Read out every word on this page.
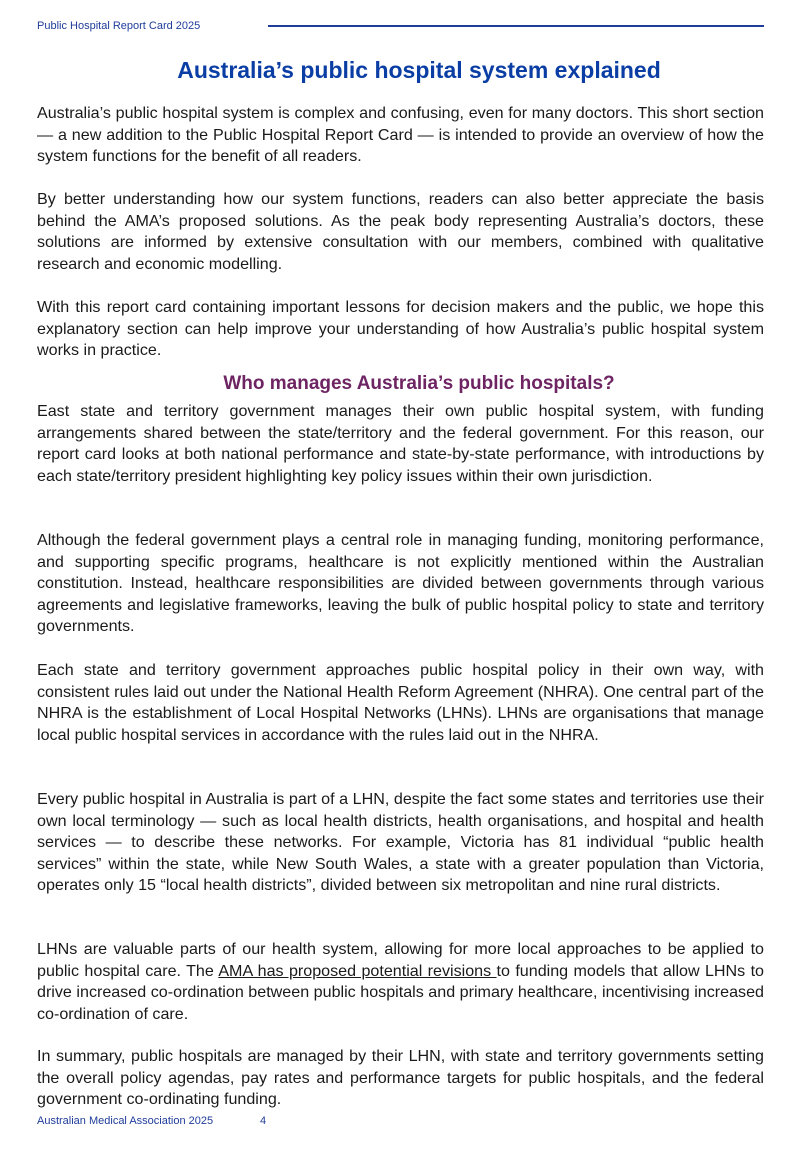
Public Hospital Report Card 2025
Australia’s public hospital system explained

Australia’s public hospital system is complex and confusing, even for many doctors. This short section — a new addition to the Public Hospital Report Card — is intended to provide an overview of how the system functions for the benefit of all readers.

By better understanding how our system functions, readers can also better appreciate the basis behind the AMA’s proposed solutions. As the peak body representing Australia’s doctors, these solutions are informed by extensive consultation with our members, combined with qualitative research and economic modelling.

With this report card containing important lessons for decision makers and the public, we hope this explanatory section can help improve your understanding of how Australia’s public hospital system works in practice.

Who manages Australia’s public hospitals?

East state and territory government manages their own public hospital system, with funding arrangements shared between the state/territory and the federal government. For this reason, our report card looks at both national performance and state-by-state performance, with introductions by each state/territory president highlighting key policy issues within their own jurisdiction.

Although the federal government plays a central role in managing funding, monitoring performance, and supporting specific programs, healthcare is not explicitly mentioned within the Australian constitution. Instead, healthcare responsibilities are divided between governments through various agreements and legislative frameworks, leaving the bulk of public hospital policy to state and territory governments.

Each state and territory government approaches public hospital policy in their own way, with consistent rules laid out under the National Health Reform Agreement (NHRA). One central part of the NHRA is the establishment of Local Hospital Networks (LHNs). LHNs are organisations that manage local public hospital services in accordance with the rules laid out in the NHRA.

Every public hospital in Australia is part of a LHN, despite the fact some states and territories use their own local terminology — such as local health districts, health organisations, and hospital and health services — to describe these networks. For example, Victoria has 81 individual “public health services” within the state, while New South Wales, a state with a greater population than Victoria, operates only 15 “local health districts”, divided between six metropolitan and nine rural districts.

LHNs are valuable parts of our health system, allowing for more local approaches to be applied to public hospital care. The AMA has proposed potential revisions to funding models that allow LHNs to drive increased co-ordination between public hospitals and primary healthcare, incentivising increased co-ordination of care.

In summary, public hospitals are managed by their LHN, with state and territory governments setting the overall policy agendas, pay rates and performance targets for public hospitals, and the federal government co-ordinating funding.

Australian Medical Association 2025	4
